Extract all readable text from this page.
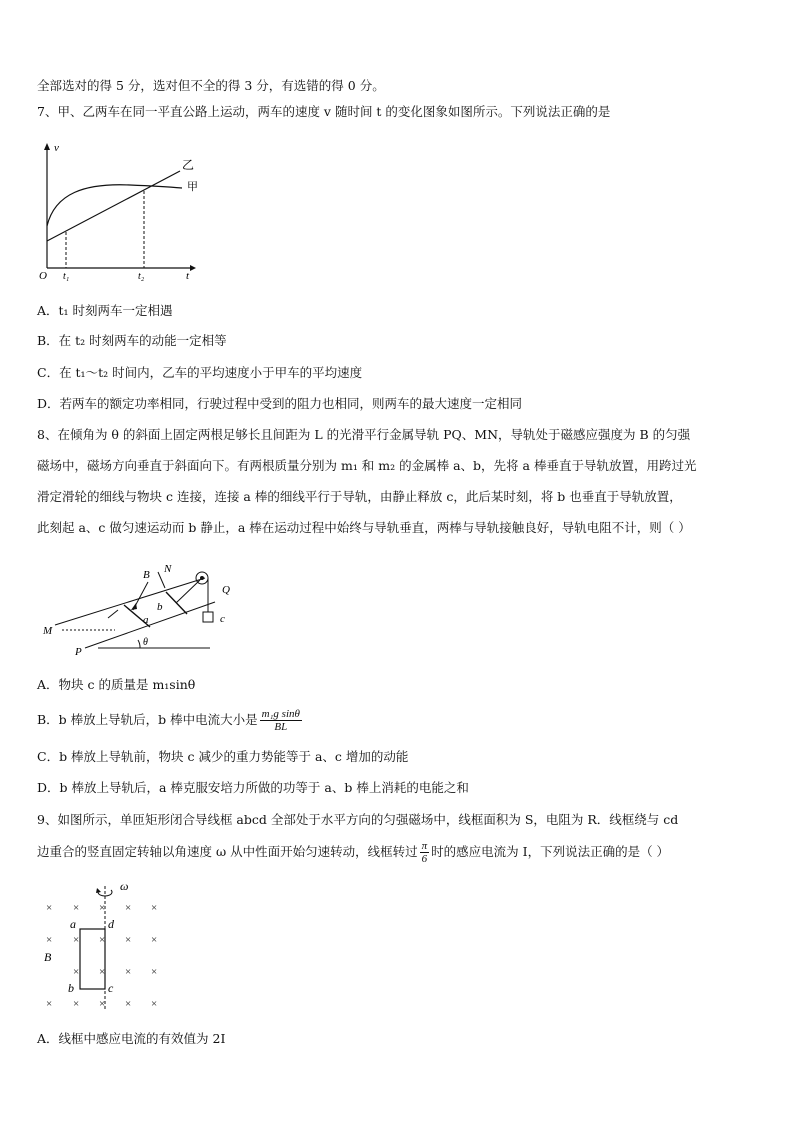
全部选对的得 5 分，选对但不全的得 3 分，有选错的得 0 分。
7、甲、乙两车在同一平直公路上运动，两车的速度 v 随时间 t 的变化图象如图所示。下列说法正确的是
v
t
O t₁	t₂
乙
甲
A．t₁ 时刻两车一定相遇
B．在 t₂ 时刻两车的动能一定相等
C．在 t₁～t₂ 时间内，乙车的平均速度小于甲车的平均速度
D．若两车的额定功率相同，行驶过程中受到的阻力也相同，则两车的最大速度一定相同
8、在倾角为 θ 的斜面上固定两根足够长且间距为 L 的光滑平行金属导轨 PQ、MN，导轨处于磁感应强度为 B 的匀强
磁场中，磁场方向垂直于斜面向下。有两根质量分别为 m₁ 和 m₂ 的金属棒 a、b，先将 a 棒垂直于导轨放置，用跨过光
滑定滑轮的细线与物块 c 连接，连接 a 棒的细线平行于导轨，由静止释放 c，此后某时刻，将 b 也垂直于导轨放置，
此刻起 a、c 做匀速运动而 b 静止，a 棒在运动过程中始终与导轨垂直，两棒与导轨接触良好，导轨电阻不计，则（ ）
B N
Q
b
a	c
M
P
θ
A．物块 c 的质量是 m₁sinθ
B．b 棒放上导轨后，b 棒中电流大小是 $\frac{\text{m₁g sinθ}}{BL}$
C．b 棒放上导轨前，物块 c 减少的重力势能等于 a、c 增加的动能
D．b 棒放上导轨后，a 棒克服安培力所做的功等于 a、b 棒上消耗的电能之和
9、如图所示，单匝矩形闭合导线框 abcd 全部处于水平方向的匀强磁场中，线框面积为 S，电阻为 R．线框绕与 cd
边重合的竖直固定转轴以角速度 ω 从中性面开始匀速转动，线框转过 $\frac{\pi}{6}$ 时的感应电流为 I，下列说法正确的是（ ）
× × × × ×
× × × × ×
× × × ×
× × × × ×
ω
a	d
b	c
B
A．线框中感应电流的有效值为 2I
